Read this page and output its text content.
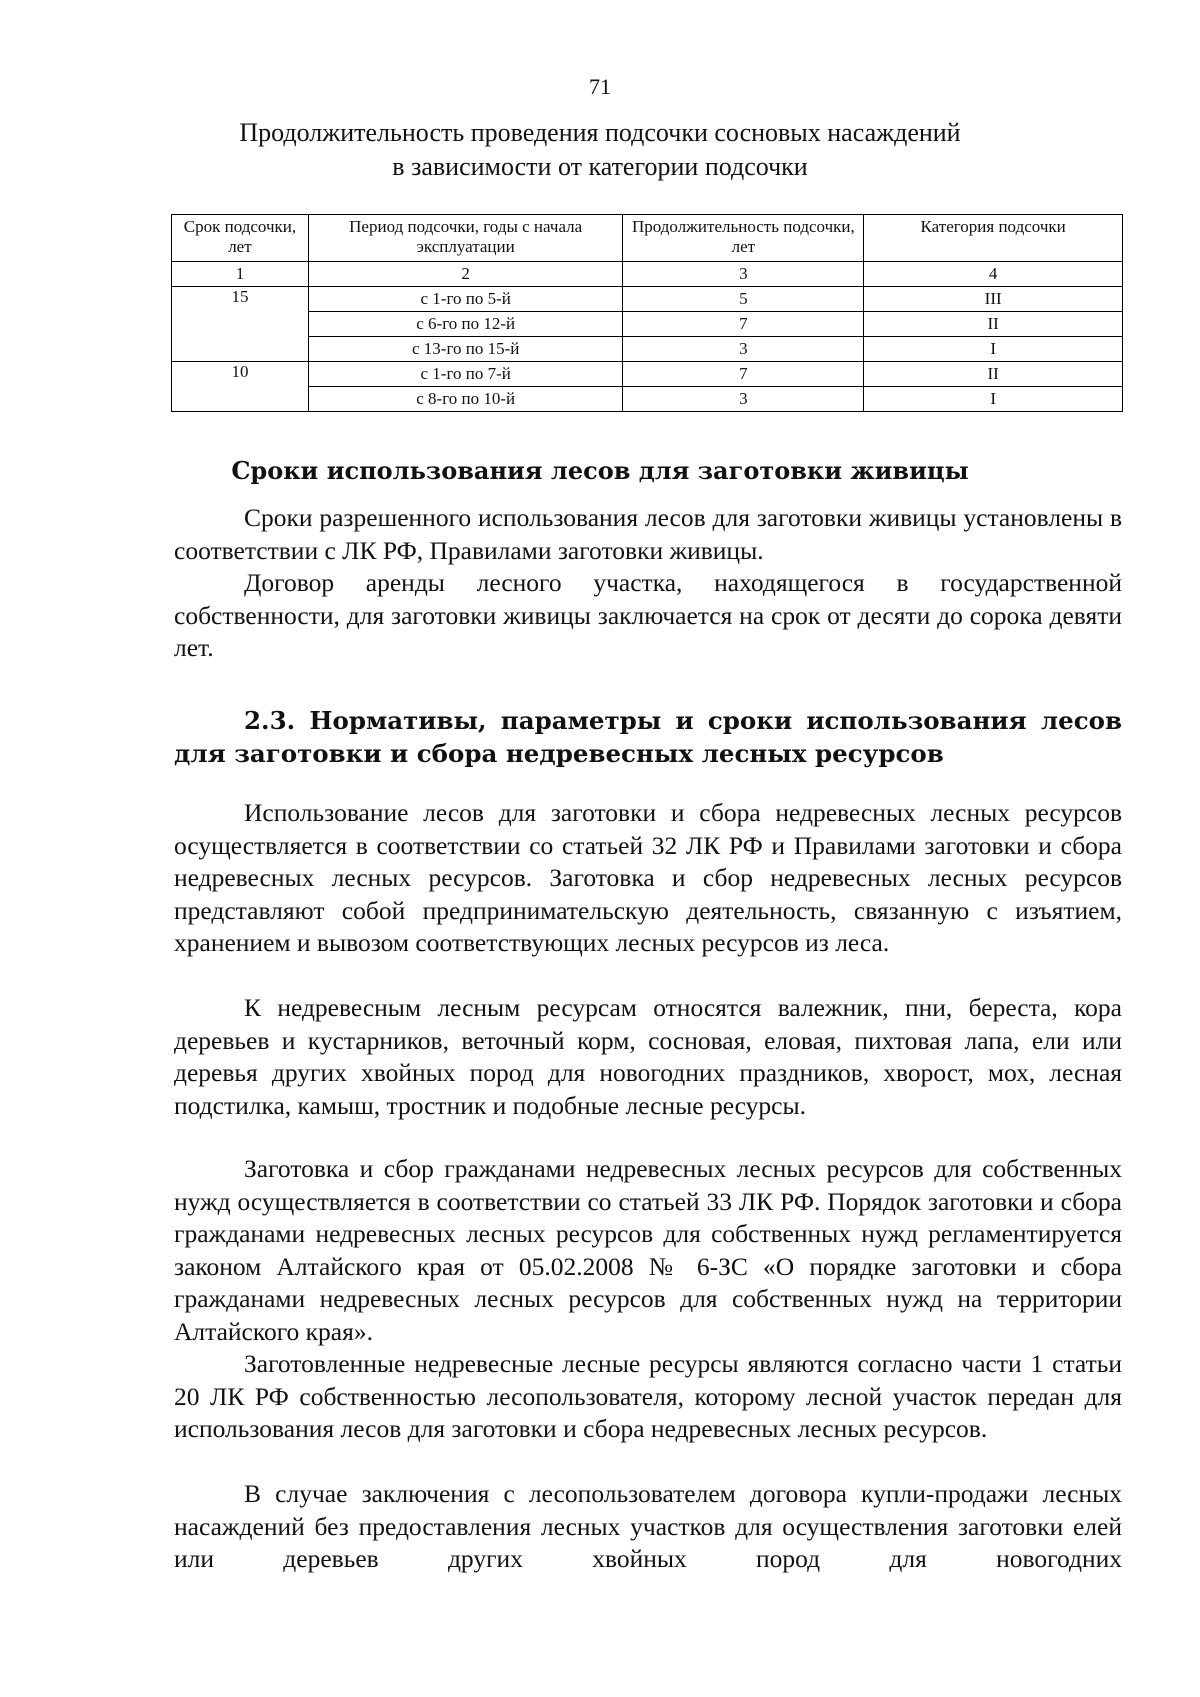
71
Продолжительность проведения подсочки сосновых насаждений
в зависимости от категории подсочки
Срок подсочки, лет	Период подсочки, годы с начала эксплуатации	Продолжительность подсочки, лет	Категория подсочки
1	2	3	4
15	с 1-го по 5-й	5	III
	с 6-го по 12-й	7	II
	с 13-го по 15-й	3	I
10	с 1-го по 7-й	7	II
	с 8-го по 10-й	3	I
Сроки использования лесов для заготовки живицы

Сроки разрешенного использования лесов для заготовки живицы установлены в соответствии с ЛК РФ, Правилами заготовки живицы.

Договор аренды лесного участка, находящегося в государственной собственности, для заготовки живицы заключается на срок от десяти до сорока девяти лет.

2.3. Нормативы, параметры и сроки использования лесов для заготовки и сбора недревесных лесных ресурсов

Использование лесов для заготовки и сбора недревесных лесных ресурсов осуществляется в соответствии со статьей 32 ЛК РФ и Правилами заготовки и сбора недревесных лесных ресурсов. Заготовка и сбор недревесных лесных ресурсов представляют собой предпринимательскую деятельность, связанную с изъятием, хранением и вывозом соответствующих лесных ресурсов из леса.

К недревесным лесным ресурсам относятся валежник, пни, береста, кора деревьев и кустарников, веточный корм, сосновая, еловая, пихтовая лапа, ели или деревья других хвойных пород для новогодних праздников, хворост, мох, лесная подстилка, камыш, тростник и подобные лесные ресурсы.

Заготовка и сбор гражданами недревесных лесных ресурсов для собственных нужд осуществляется в соответствии со статьей 33 ЛК РФ. Порядок заготовки и сбора гражданами недревесных лесных ресурсов для собственных нужд регламентируется законом Алтайского края от 05.02.2008 № 6-ЗС «О порядке заготовки и сбора гражданами недревесных лесных ресурсов для собственных нужд на территории Алтайского края».

Заготовленные недревесные лесные ресурсы являются согласно части 1 статьи 20 ЛК РФ собственностью лесопользователя, которому лесной участок передан для использования лесов для заготовки и сбора недревесных лесных ресурсов.

В случае заключения с лесопользователем договора купли-продажи лесных насаждений без предоставления лесных участков для осуществления заготовки елей или деревьев других хвойных пород для новогодних
